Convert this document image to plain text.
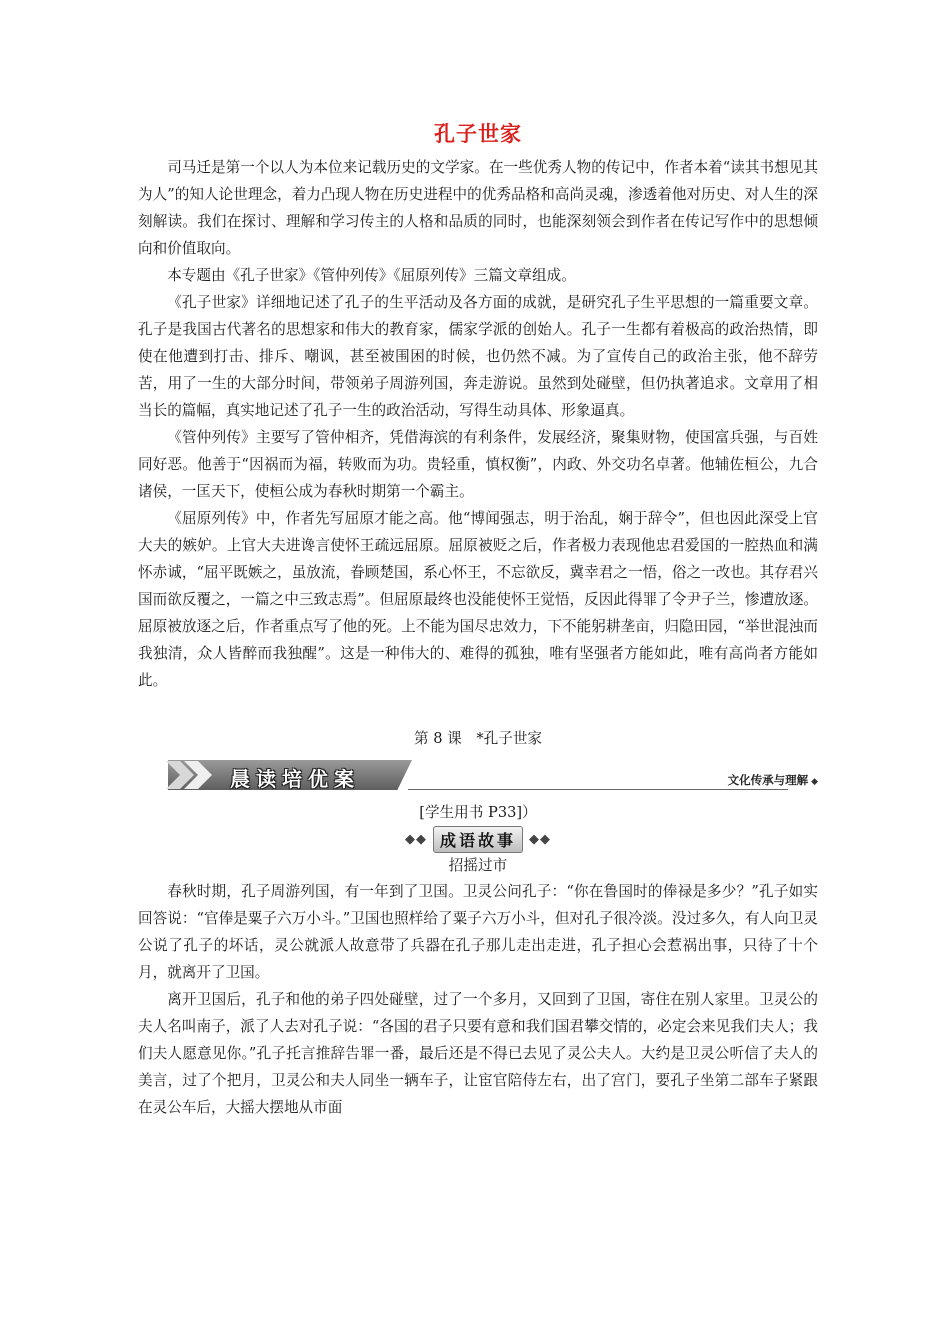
孔子世家

司马迁是第一个以人为本位来记载历史的文学家。在一些优秀人物的传记中，作者本着“读其书想见其为人”的知人论世理念，着力凸现人物在历史进程中的优秀品格和高尚灵魂，渗透着他对历史、对人生的深刻解读。我们在探讨、理解和学习传主的人格和品质的同时，也能深刻领会到作者在传记写作中的思想倾向和价值取向。

本专题由《孔子世家》《管仲列传》《屈原列传》三篇文章组成。

《孔子世家》详细地记述了孔子的生平活动及各方面的成就，是研究孔子生平思想的一篇重要文章。孔子是我国古代著名的思想家和伟大的教育家，儒家学派的创始人。孔子一生都有着极高的政治热情，即使在他遭到打击、排斥、嘲讽，甚至被围困的时候，也仍然不减。为了宣传自己的政治主张，他不辞劳苦，用了一生的大部分时间，带领弟子周游列国，奔走游说。虽然到处碰壁，但仍执著追求。文章用了相当长的篇幅，真实地记述了孔子一生的政治活动，写得生动具体、形象逼真。

《管仲列传》主要写了管仲相齐，凭借海滨的有利条件，发展经济，聚集财物，使国富兵强，与百姓同好恶。他善于“因祸而为福，转败而为功。贵轻重，慎权衡”，内政、外交功名卓著。他辅佐桓公，九合诸侯，一匡天下，使桓公成为春秋时期第一个霸主。

《屈原列传》中，作者先写屈原才能之高。他“博闻强志，明于治乱，娴于辞令”，但也因此深受上官大夫的嫉妒。上官大夫进谗言使怀王疏远屈原。屈原被贬之后，作者极力表现他忠君爱国的一腔热血和满怀赤诚，“屈平既嫉之，虽放流，眷顾楚国，系心怀王，不忘欲反，冀幸君之一悟，俗之一改也。其存君兴国而欲反覆之，一篇之中三致志焉”。但屈原最终也没能使怀王觉悟，反因此得罪了令尹子兰，惨遭放逐。屈原被放逐之后，作者重点写了他的死。上不能为国尽忠效力，下不能躬耕垄亩，归隐田园，“举世混浊而我独清，众人皆醉而我独醒”。这是一种伟大的、难得的孤独，唯有坚强者方能如此，唯有高尚者方能如此。

第 8 课　*孔子世家

晨读培优案	文化传承与理解 ◆

[学生用书 P33]）

◆◆ 成语故事	◆◆

招摇过市

春秋时期，孔子周游列国，有一年到了卫国。卫灵公问孔子：“你在鲁国时的俸禄是多少？”孔子如实回答说：“官俸是粟子六万小斗。”卫国也照样给了粟子六万小斗，但对孔子很冷淡。没过多久，有人向卫灵公说了孔子的坏话，灵公就派人故意带了兵器在孔子那儿走出走进，孔子担心会惹祸出事，只待了十个月，就离开了卫国。

离开卫国后，孔子和他的弟子四处碰壁，过了一个多月，又回到了卫国，寄住在别人家里。卫灵公的夫人名叫南子，派了人去对孔子说：“各国的君子只要有意和我们国君攀交情的，必定会来见我们夫人；我们夫人愿意见你。”孔子托言推辞告罪一番，最后还是不得已去见了灵公夫人。大约是卫灵公听信了夫人的美言，过了个把月，卫灵公和夫人同坐一辆车子，让宦官陪侍左右，出了宫门，要孔子坐第二部车子紧跟在灵公车后，大摇大摆地从市面
